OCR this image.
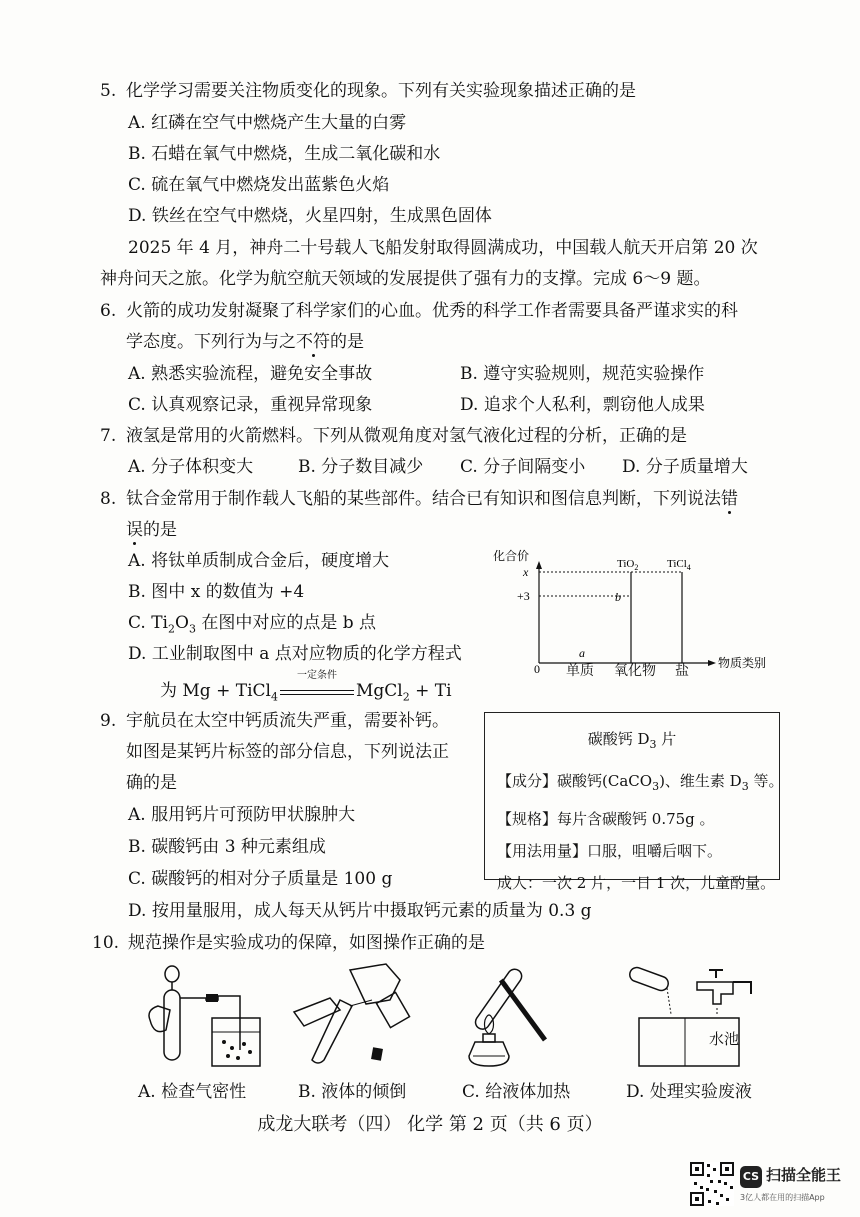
5. 化学学习需要关注物质变化的现象。下列有关实验现象描述正确的是
A. 红磷在空气中燃烧产生大量的白雾
B. 石蜡在氧气中燃烧，生成二氧化碳和水
C. 硫在氧气中燃烧发出蓝紫色火焰
D. 铁丝在空气中燃烧，火星四射，生成黑色固体
2025 年 4 月，神舟二十号载人飞船发射取得圆满成功，中国载人航天开启第 20 次
神舟问天之旅。化学为航空航天领域的发展提供了强有力的支撑。完成 6～9 题。
6. 火箭的成功发射凝聚了科学家们的心血。优秀的科学工作者需要具备严谨求实的科
学态度。下列行为与之不符的是
A. 熟悉实验流程，避免安全事故	B. 遵守实验规则，规范实验操作
C. 认真观察记录，重视异常现象	D. 追求个人私利，剽窃他人成果
7. 液氢是常用的火箭燃料。下列从微观角度对氢气液化过程的分析，正确的是
A. 分子体积变大	B. 分子数目减少 C. 分子间隔变小 D. 分子质量增大
8. 钛合金常用于制作载人飞船的某些部件。结合已有知识和图信息判断，下列说法错
误的是
A. 将钛单质制成合金后，硬度增大
B. 图中 x 的数值为 +4
C. $Ti_2O_3$ 在图中对应的点是 b 点
D. 工业制取图中 a 点对应物质的化学方程式
为 Mg + TiCl$_4$
一定条件
MgCl$_2$ + Ti
化合价
物质类别
0
x
+3
TiO$_2$	TiCl$_4$
b
a
单质 氧化物 盐
9. 宇航员在太空中钙质流失严重，需要补钙。
如图是某钙片标签的部分信息，下列说法正
确的是
A. 服用钙片可预防甲状腺肿大
B. 碳酸钙由 3 种元素组成
C. 碳酸钙的相对分子质量是 100 g
D. 按用量服用，成人每天从钙片中摄取钙元素的质量为 0.3 g
碳酸钙 $D_3$ 片
【成分】碳酸钙(CaCO$_3$)、维生素 $D_3$ 等。
【规格】每片含碳酸钙 0.75g 。
【用法用量】口服，咀嚼后咽下。
成人：一次 2 片，一日 1 次，儿童酌量。
10. 规范操作是实验成功的保障，如图操作正确的是
水池
A. 检查气密性	B. 液体的倾倒	C. 给液体加热	D. 处理实验废液
成龙大联考（四） 化学 第 2 页（共 6 页）
CS 扫描全能王
3亿人都在用的扫描App
